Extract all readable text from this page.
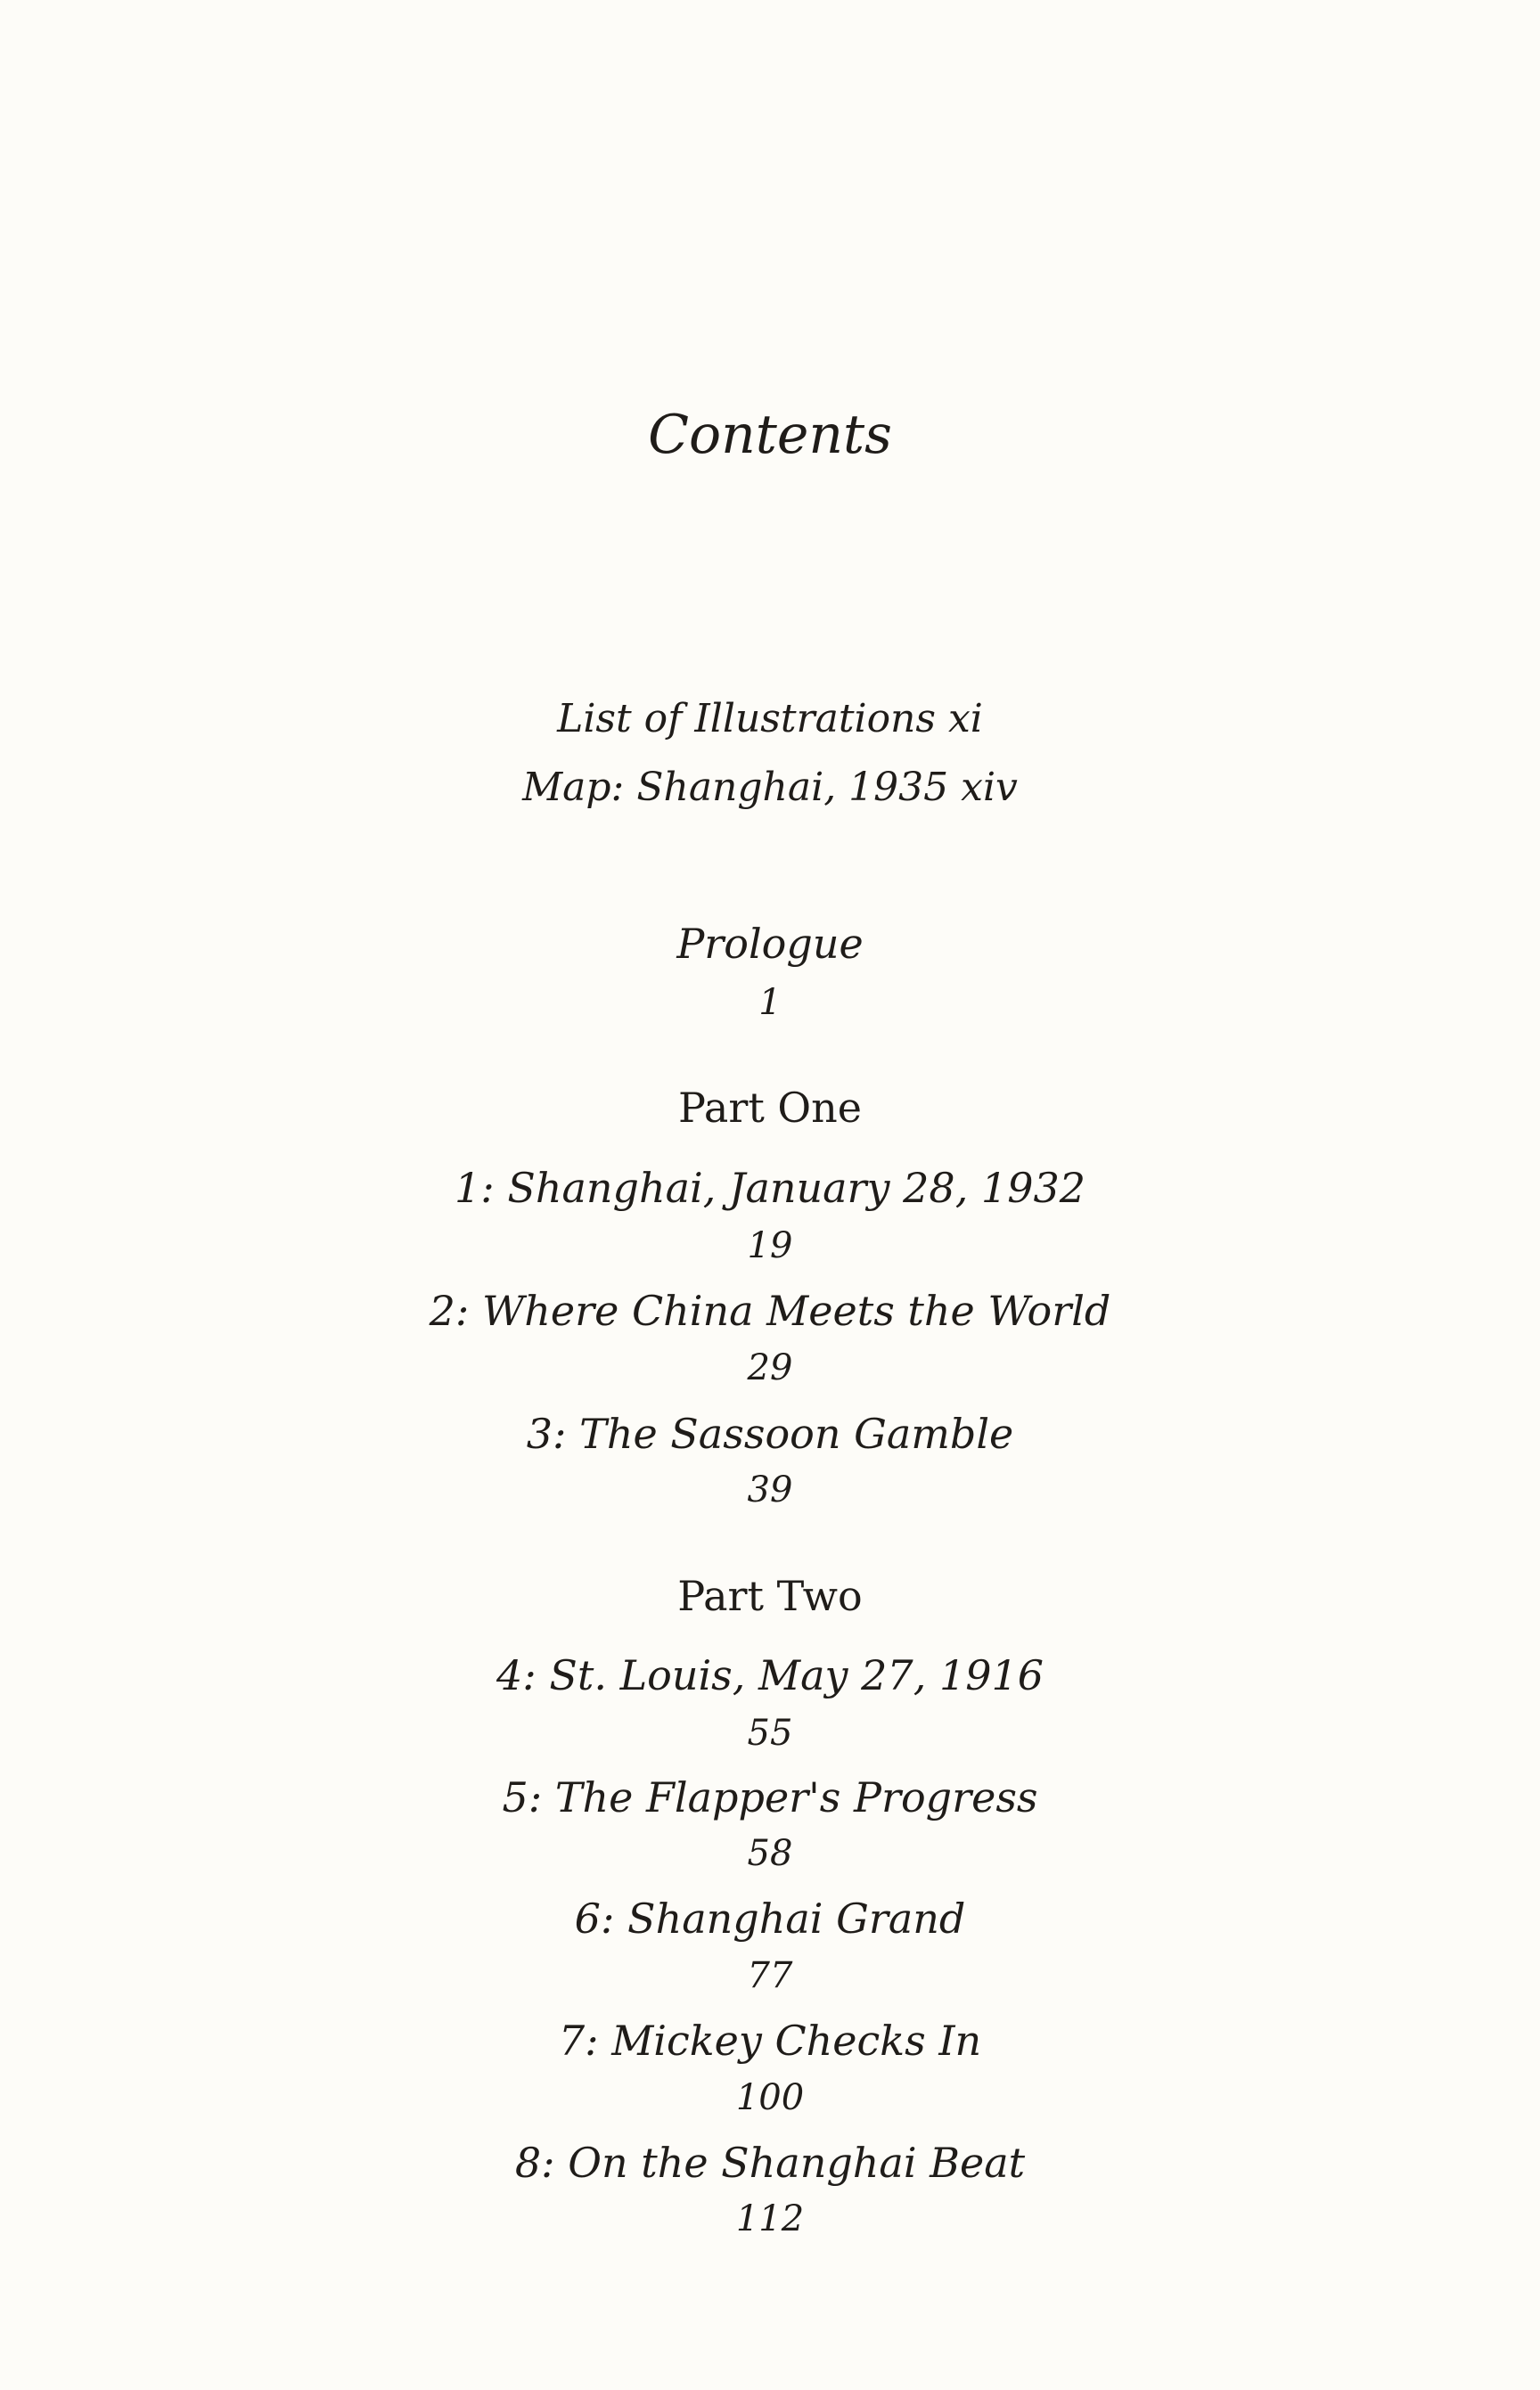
Contents
List of Illustrations xi
Map: Shanghai, 1935 xiv
Prologue
1
Part One
1: Shanghai, January 28, 1932
19
2: Where China Meets the World
29
3: The Sassoon Gamble
39
Part Two
4: St. Louis, May 27, 1916
55
5: The Flapper's Progress
58
6: Shanghai Grand
77
7: Mickey Checks In
100
8: On the Shanghai Beat
112
